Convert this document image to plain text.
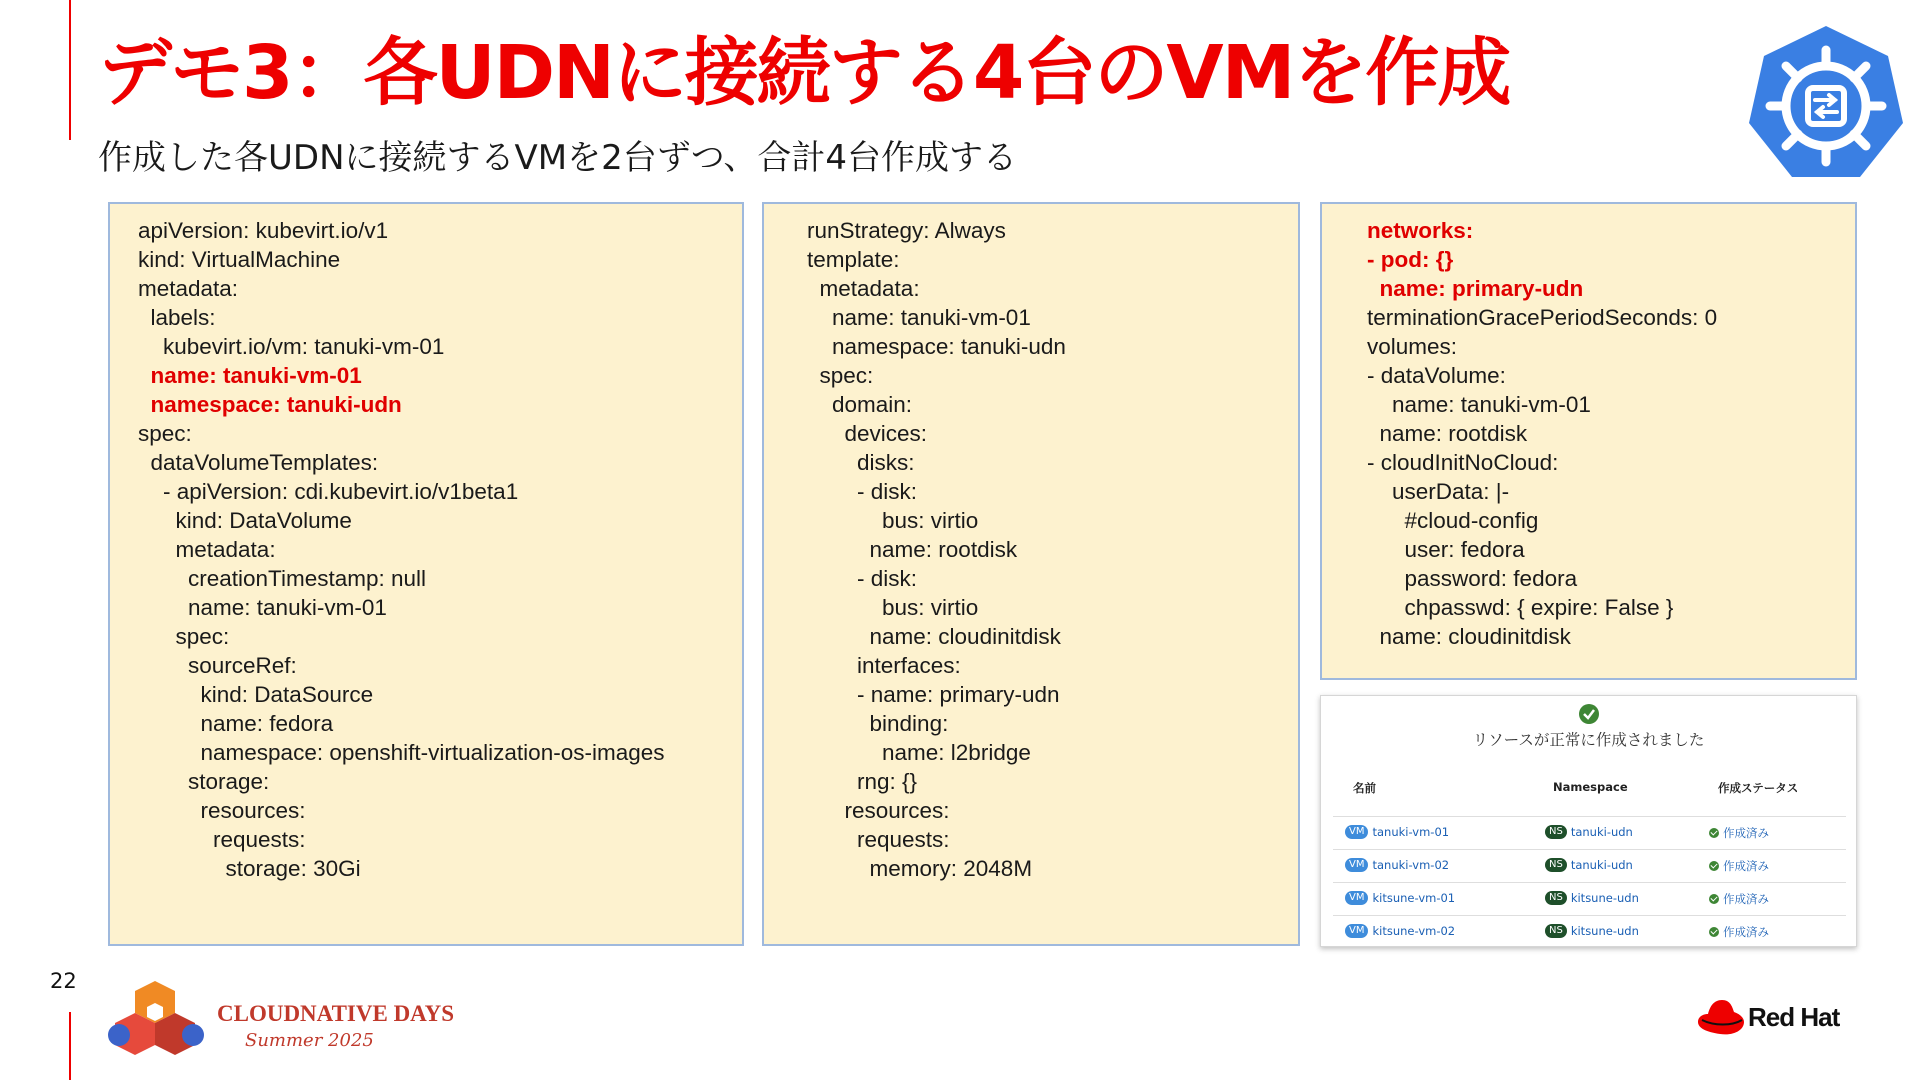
デモ3：各UDNに接続する4台のVMを作成
作成した各UDNに接続するVMを2台ずつ、合計4台作成する
apiVersion: kubevirt.io/v1
kind: VirtualMachine
metadata:
labels:
kubevirt.io/vm: tanuki-vm-01
name: tanuki-vm-01
namespace: tanuki-udn
spec:
dataVolumeTemplates:
- apiVersion: cdi.kubevirt.io/v1beta1
kind: DataVolume
metadata:
creationTimestamp: null
name: tanuki-vm-01
spec:
sourceRef:
kind: DataSource
name: fedora
namespace: openshift-virtualization-os-images
storage:
resources:
requests:
storage: 30Gi
runStrategy: Always
template:
metadata:
name: tanuki-vm-01
namespace: tanuki-udn
spec:
domain:
devices:
disks:
- disk:
bus: virtio
name: rootdisk
- disk:
bus: virtio
name: cloudinitdisk
interfaces:
- name: primary-udn
binding:
name: l2bridge
rng: {}
resources:
requests:
memory: 2048M
networks:
- pod: {}
name: primary-udn
terminationGracePeriodSeconds: 0
volumes:
- dataVolume:
name: tanuki-vm-01
name: rootdisk
- cloudInitNoCloud:
userData: |-
#cloud-config
user: fedora
password: fedora
chpasswd: { expire: False }
name: cloudinitdisk
リソースが正常に作成されました
名前	Namespace	作成ステータス
VM tanuki-vm-01	NS tanuki-udn	作成済み
VM tanuki-vm-02	NS tanuki-udn	作成済み
VM kitsune-vm-01	NS kitsune-udn	作成済み
VM kitsune-vm-02	NS kitsune-udn	作成済み
22
CLOUDNATIVE DAYS
Summer 2025
Red Hat
